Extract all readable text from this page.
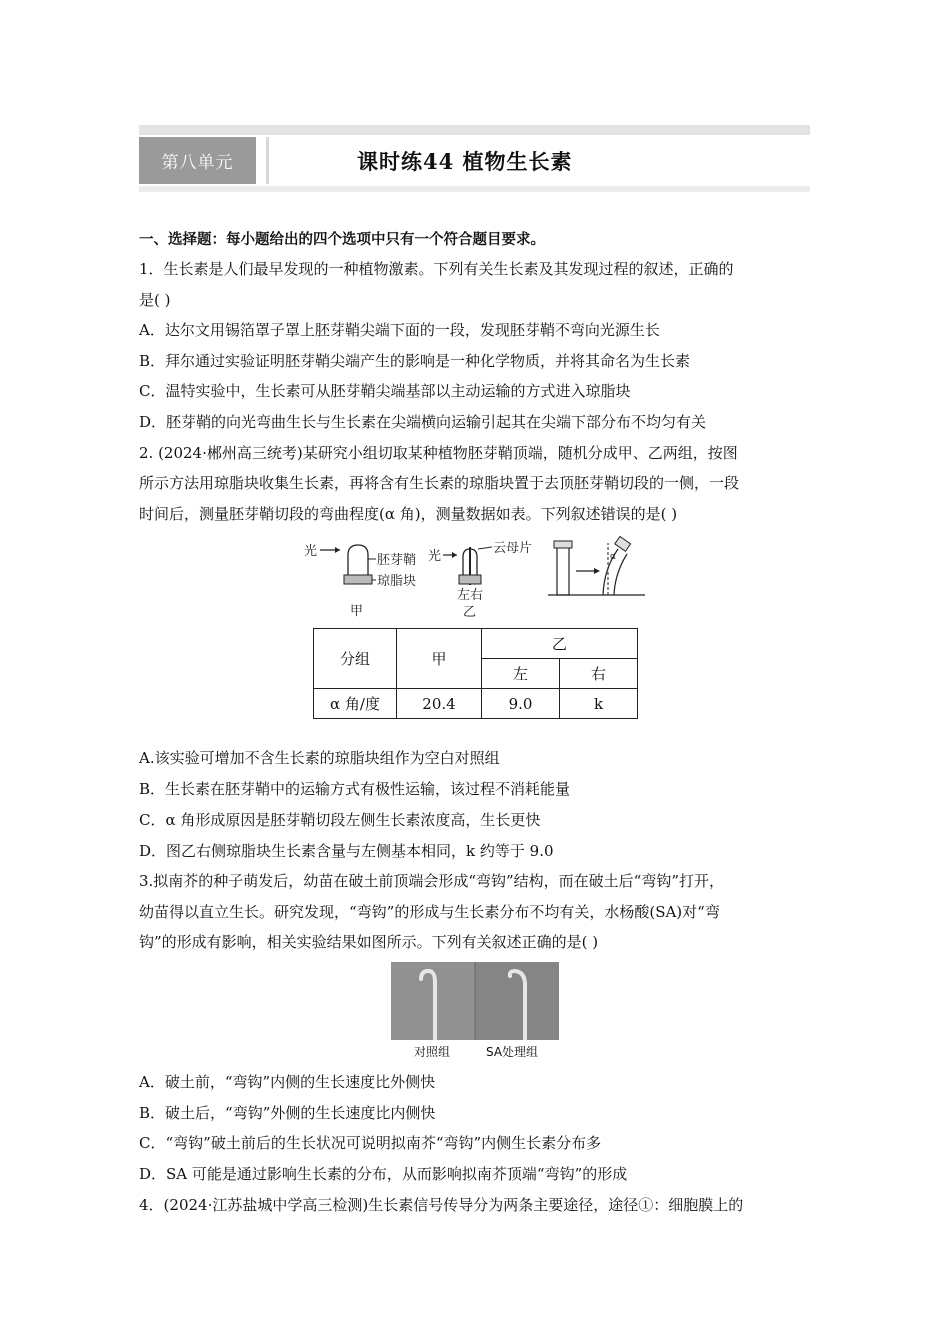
第八单元	课时练44 植物生长素
一、选择题：每小题给出的四个选项中只有一个符合题目要求。
1．生长素是人们最早发现的一种植物激素。下列有关生长素及其发现过程的叙述，正确的
是( )
A．达尔文用锡箔罩子罩上胚芽鞘尖端下面的一段，发现胚芽鞘不弯向光源生长
B．拜尔通过实验证明胚芽鞘尖端产生的影响是一种化学物质，并将其命名为生长素
C．温特实验中，生长素可从胚芽鞘尖端基部以主动运输的方式进入琼脂块
D．胚芽鞘的向光弯曲生长与生长素在尖端横向运输引起其在尖端下部分布不均匀有关
2. (2024·郴州高三统考)某研究小组切取某种植物胚芽鞘顶端，随机分成甲、乙两组，按图
所示方法用琼脂块收集生长素，再将含有生长素的琼脂块置于去顶胚芽鞘切段的一侧，一段
时间后，测量胚芽鞘切段的弯曲程度(α 角)，测量数据如表。下列叙述错误的是( )
A.该实验可增加不含生长素的琼脂块组作为空白对照组
B．生长素在胚芽鞘中的运输方式有极性运输，该过程不消耗能量
C．α 角形成原因是胚芽鞘切段左侧生长素浓度高，生长更快
D．图乙右侧琼脂块生长素含量与左侧基本相同，k 约等于 9.0
3.拟南芥的种子萌发后，幼苗在破土前顶端会形成“弯钩”结构，而在破土后“弯钩”打开，
幼苗得以直立生长。研究发现，“弯钩”的形成与生长素分布不均有关，水杨酸(SA)对“弯
钩”的形成有影响，相关实验结果如图所示。下列有关叙述正确的是( )
A．破土前，“弯钩”内侧的生长速度比外侧快
B．破土后，“弯钩”外侧的生长速度比内侧快
C．“弯钩”破土前后的生长状况可说明拟南芥“弯钩”内侧生长素分布多
D．SA 可能是通过影响生长素的分布，从而影响拟南芥顶端“弯钩”的形成
4．(2024·江苏盐城中学高三检测)生长素信号传导分为两条主要途径，途径①：细胞膜上的
光
胚芽鞘
琼脂块
甲
光
云母片
左右
乙
α
分组	甲	乙	
		左	右
α 角/度	20.4	9.0	k
对照组	SA处理组
